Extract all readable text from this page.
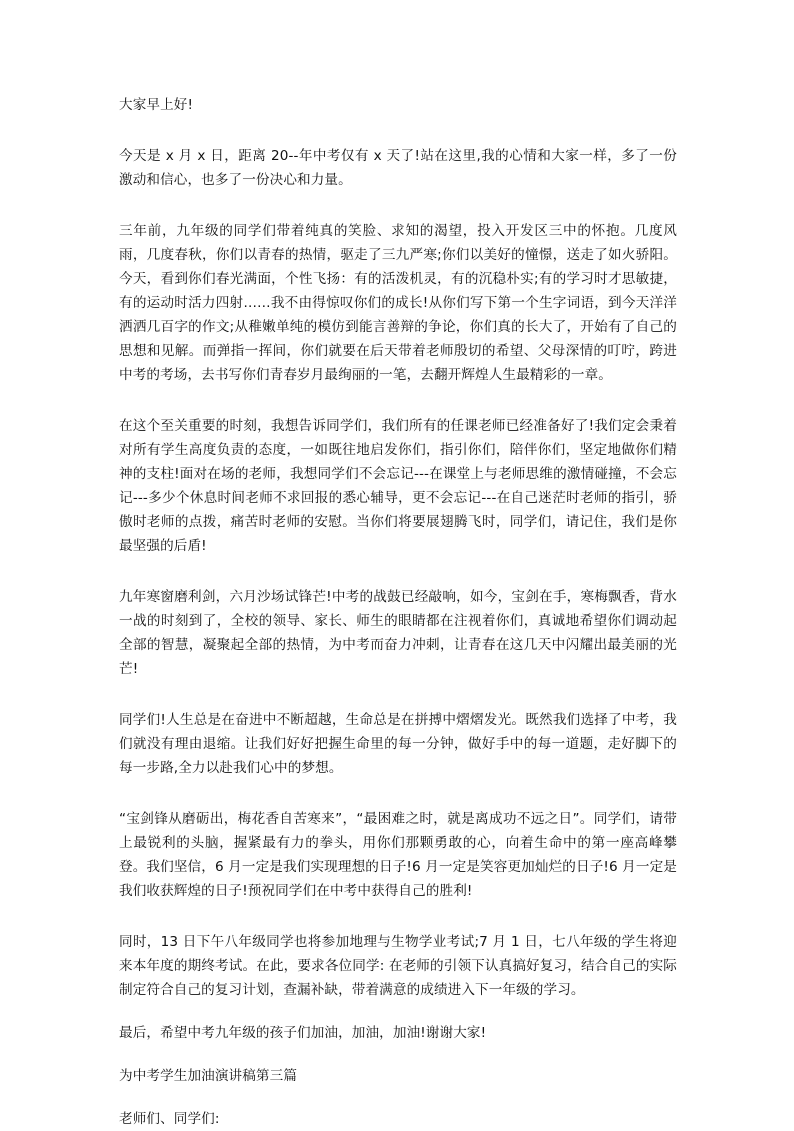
大家早上好!

今天是 x 月 x 日，距离 20--年中考仅有 x 天了!站在这里,我的心情和大家一样，多了一份激动和信心，也多了一份决心和力量。

三年前，九年级的同学们带着纯真的笑脸、求知的渴望，投入开发区三中的怀抱。几度风雨，几度春秋，你们以青春的热情，驱走了三九严寒;你们以美好的憧憬，送走了如火骄阳。今天，看到你们春光满面，个性飞扬：有的活泼机灵，有的沉稳朴实;有的学习时才思敏捷，有的运动时活力四射……我不由得惊叹你们的成长!从你们写下第一个生字词语，到今天洋洋洒洒几百字的作文;从稚嫩单纯的模仿到能言善辩的争论，你们真的长大了，开始有了自己的思想和见解。而弹指一挥间，你们就要在后天带着老师殷切的希望、父母深情的叮咛，跨进中考的考场，去书写你们青春岁月最绚丽的一笔，去翻开辉煌人生最精彩的一章。

在这个至关重要的时刻，我想告诉同学们，我们所有的任课老师已经准备好了!我们定会秉着对所有学生高度负责的态度，一如既往地启发你们，指引你们，陪伴你们，坚定地做你们精神的支柱!面对在场的老师，我想同学们不会忘记---在课堂上与老师思维的激情碰撞，不会忘记---多少个休息时间老师不求回报的悉心辅导，更不会忘记---在自己迷茫时老师的指引，骄傲时老师的点拨，痛苦时老师的安慰。当你们将要展翅腾飞时，同学们，请记住，我们是你最坚强的后盾!

九年寒窗磨利剑，六月沙场试锋芒!中考的战鼓已经敲响，如今，宝剑在手，寒梅飘香，背水一战的时刻到了，全校的领导、家长、师生的眼睛都在注视着你们，真诚地希望你们调动起全部的智慧，凝聚起全部的热情，为中考而奋力冲刺，让青春在这几天中闪耀出最美丽的光芒!

同学们!人生总是在奋进中不断超越，生命总是在拼搏中熠熠发光。既然我们选择了中考，我们就没有理由退缩。让我们好好把握生命里的每一分钟，做好手中的每一道题，走好脚下的每一步路,全力以赴我们心中的梦想。

“宝剑锋从磨砺出，梅花香自苦寒来”，“最困难之时，就是离成功不远之日”。同学们，请带上最锐利的头脑，握紧最有力的拳头，用你们那颗勇敢的心，向着生命中的第一座高峰攀登。我们坚信，6 月一定是我们实现理想的日子!6 月一定是笑容更加灿烂的日子!6 月一定是我们收获辉煌的日子!预祝同学们在中考中获得自己的胜利!

同时，13 日下午八年级同学也将参加地理与生物学业考试;7 月 1 日，七八年级的学生将迎来本年度的期终考试。在此，要求各位同学: 在老师的引领下认真搞好复习，结合自己的实际制定符合自己的复习计划，查漏补缺，带着满意的成绩进入下一年级的学习。

最后，希望中考九年级的孩子们加油，加油，加油!谢谢大家!

为中考学生加油演讲稿第三篇

老师们、同学们:
